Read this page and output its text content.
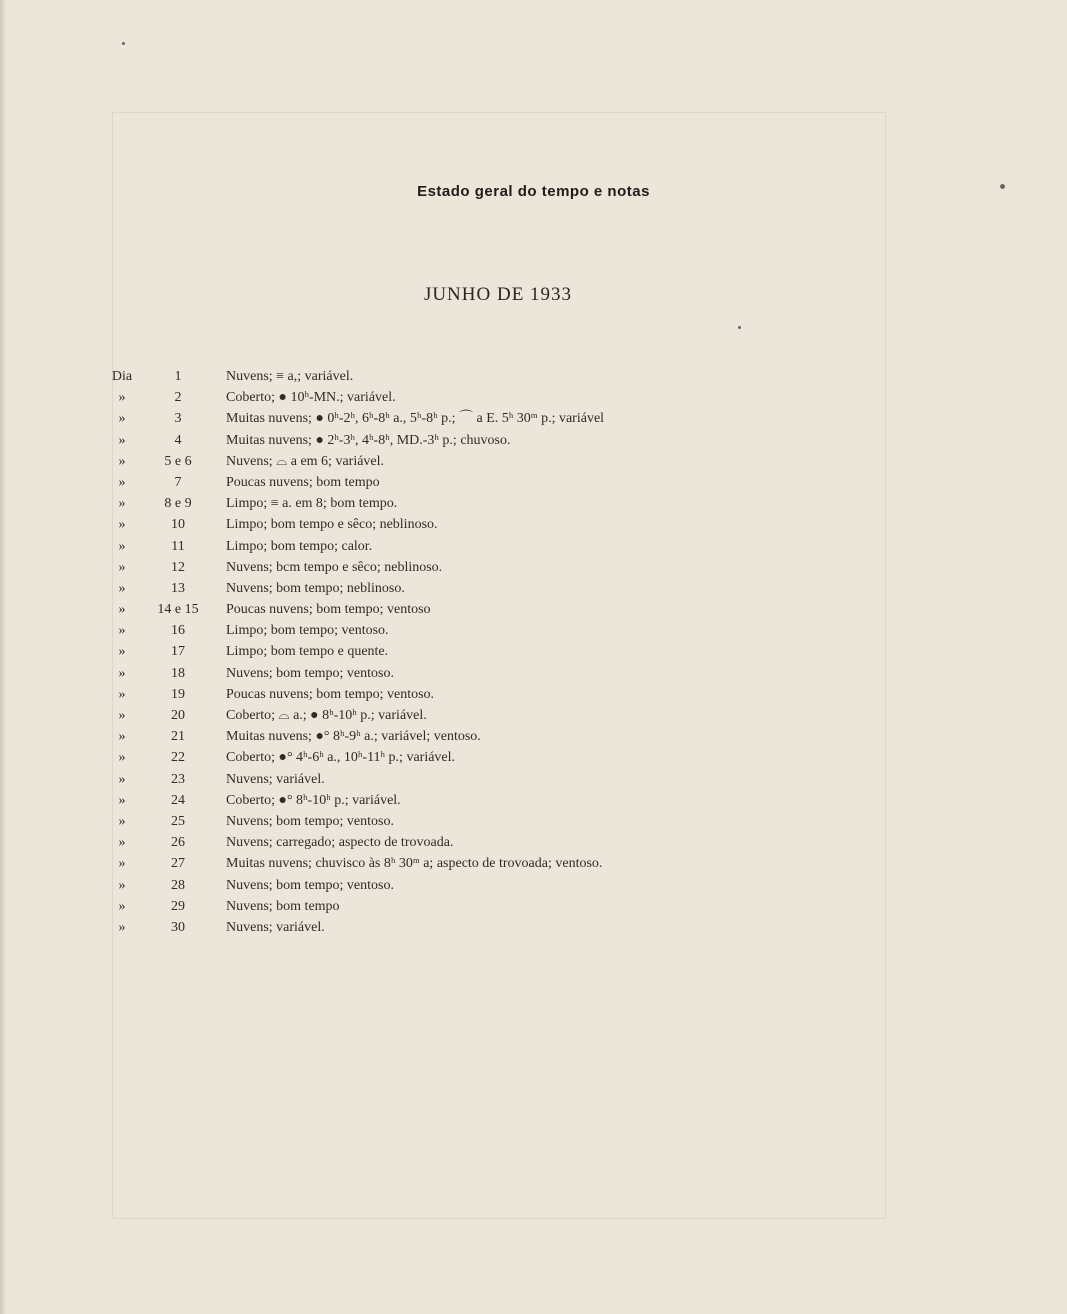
Estado geral do tempo e notas
JUNHO DE 1933
Dia	1	Nuvens; ≡ a,; variável.
»	2	Coberto; ● 10ʰ-MN.; variável.
»	3	Muitas nuvens; ● 0ʰ-2ʰ, 6ʰ-8ʰ a., 5ʰ-8ʰ p.; ⌒ a E. 5ʰ 30ᵐ p.; variável
»	4	Muitas nuvens; ● 2ʰ-3ʰ, 4ʰ-8ʰ, MD.-3ʰ p.; chuvoso.
»	5 e 6	Nuvens; ⌓ a em 6; variável.
»	7	Poucas nuvens; bom tempo
»	8 e 9	Limpo; ≡ a. em 8; bom tempo.
»	10	Limpo; bom tempo e sêco; neblinoso.
»	11	Limpo; bom tempo; calor.
»	12	Nuvens; bcm tempo e sêco; neblinoso.
»	13	Nuvens; bom tempo; neblinoso.
»	14 e 15	Poucas nuvens; bom tempo; ventoso
»	16	Limpo; bom tempo; ventoso.
»	17	Limpo; bom tempo e quente.
»	18	Nuvens; bom tempo; ventoso.
»	19	Poucas nuvens; bom tempo; ventoso.
»	20	Coberto; ⌓ a.; ● 8ʰ-10ʰ p.; variável.
»	21	Muitas nuvens; ●° 8ʰ-9ʰ a.; variável; ventoso.
»	22	Coberto; ●° 4ʰ-6ʰ a., 10ʰ-11ʰ p.; variável.
»	23	Nuvens; variável.
»	24	Coberto; ●° 8ʰ-10ʰ p.; variável.
»	25	Nuvens; bom tempo; ventoso.
»	26	Nuvens; carregado; aspecto de trovoada.
»	27	Muitas nuvens; chuvisco às 8ʰ 30ᵐ a; aspecto de trovoada; ventoso.
»	28	Nuvens; bom tempo; ventoso.
»	29	Nuvens; bom tempo
»	30	Nuvens; variável.
